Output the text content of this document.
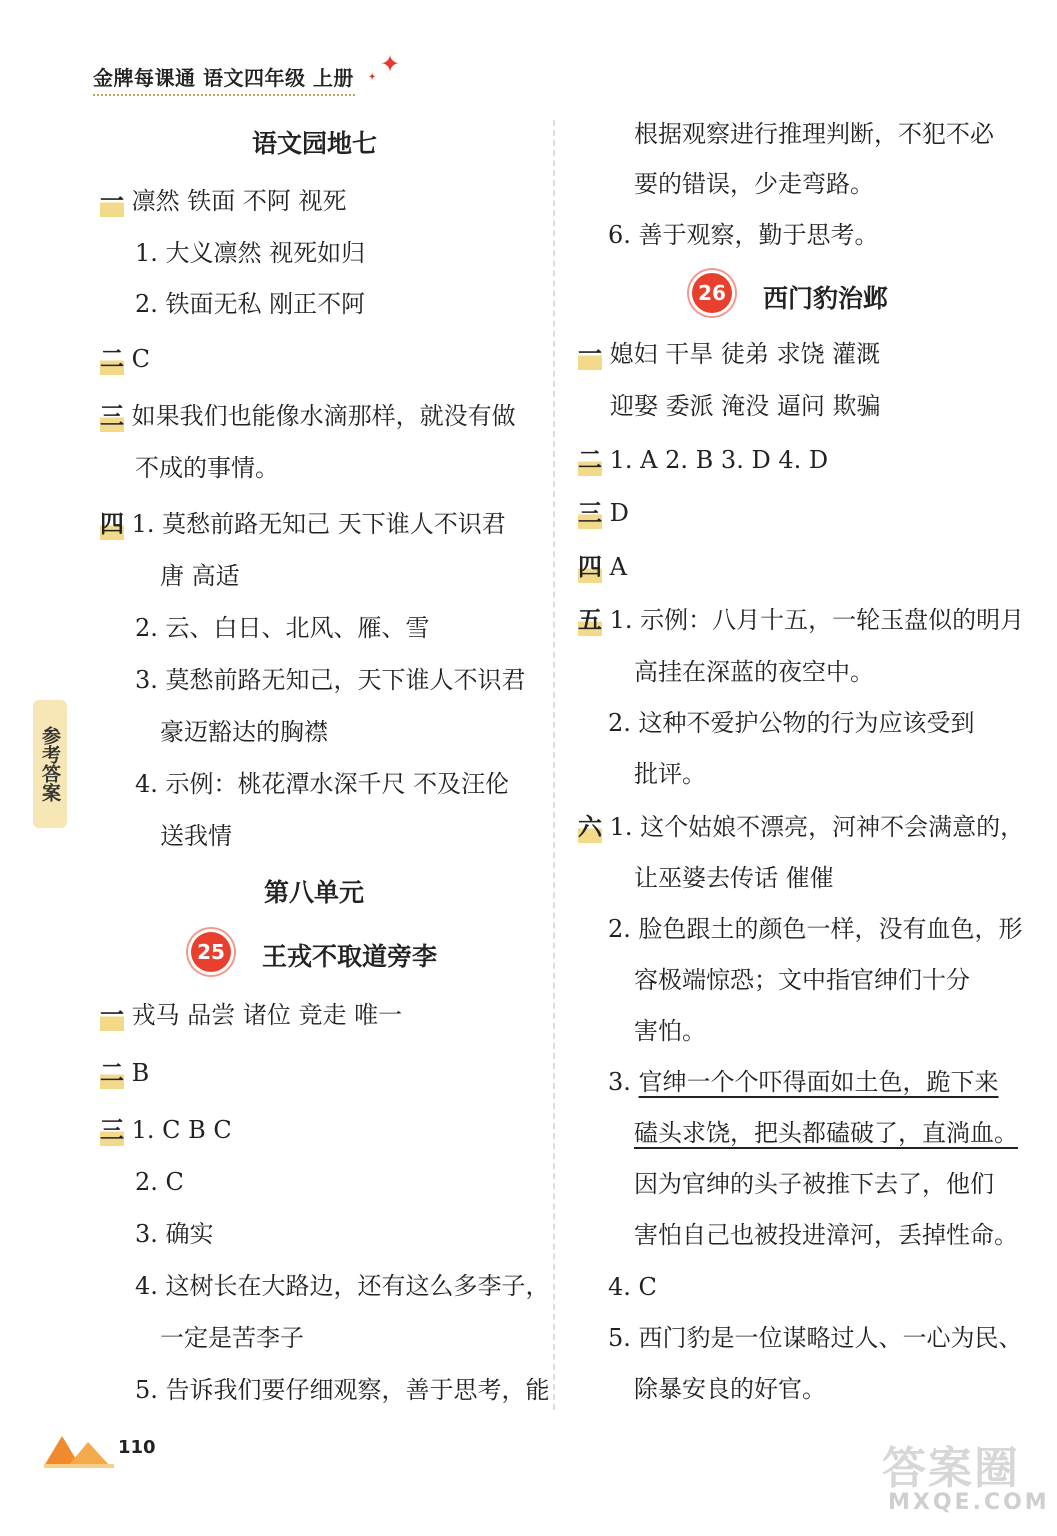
金牌每课通 语文四年级 上册 ✦
✦
参考答案
语文园地七
一 凛然 铁面 不阿 视死
1. 大义凛然 视死如归
2. 铁面无私 刚正不阿
二 C
三 如果我们也能像水滴那样，就没有做
不成的事情。
四 1. 莫愁前路无知己 天下谁人不识君
唐 高适
2. 云、白日、北风、雁、雪
3. 莫愁前路无知己，天下谁人不识君
豪迈豁达的胸襟
4. 示例：桃花潭水深千尺 不及汪伦
送我情
第八单元
25 王戎不取道旁李
一 戎马 品尝 诸位 竞走 唯一
二 B
三 1. C B C
2. C
3. 确实
4. 这树长在大路边，还有这么多李子，
一定是苦李子
5. 告诉我们要仔细观察，善于思考，能
根据观察进行推理判断，不犯不必
要的错误，少走弯路。
6. 善于观察，勤于思考。
26 西门豹治邺
一 媳妇 干旱 徒弟 求饶 灌溉
迎娶 委派 淹没 逼问 欺骗
二 1. A 2. B 3. D 4. D
三 D
四 A
五 1. 示例：八月十五，一轮玉盘似的明月
高挂在深蓝的夜空中。
2. 这种不爱护公物的行为应该受到
批评。
六 1. 这个姑娘不漂亮，河神不会满意的，
让巫婆去传话 催催
2. 脸色跟土的颜色一样，没有血色，形
容极端惊恐；文中指官绅们十分
害怕。
3. 官绅一个个吓得面如土色，跪下来
磕头求饶，把头都磕破了，直淌血。
因为官绅的头子被推下去了，他们
害怕自己也被投进漳河，丢掉性命。
4. C
5. 西门豹是一位谋略过人、一心为民、
除暴安良的好官。
110	答案圈
MXQE.COM
